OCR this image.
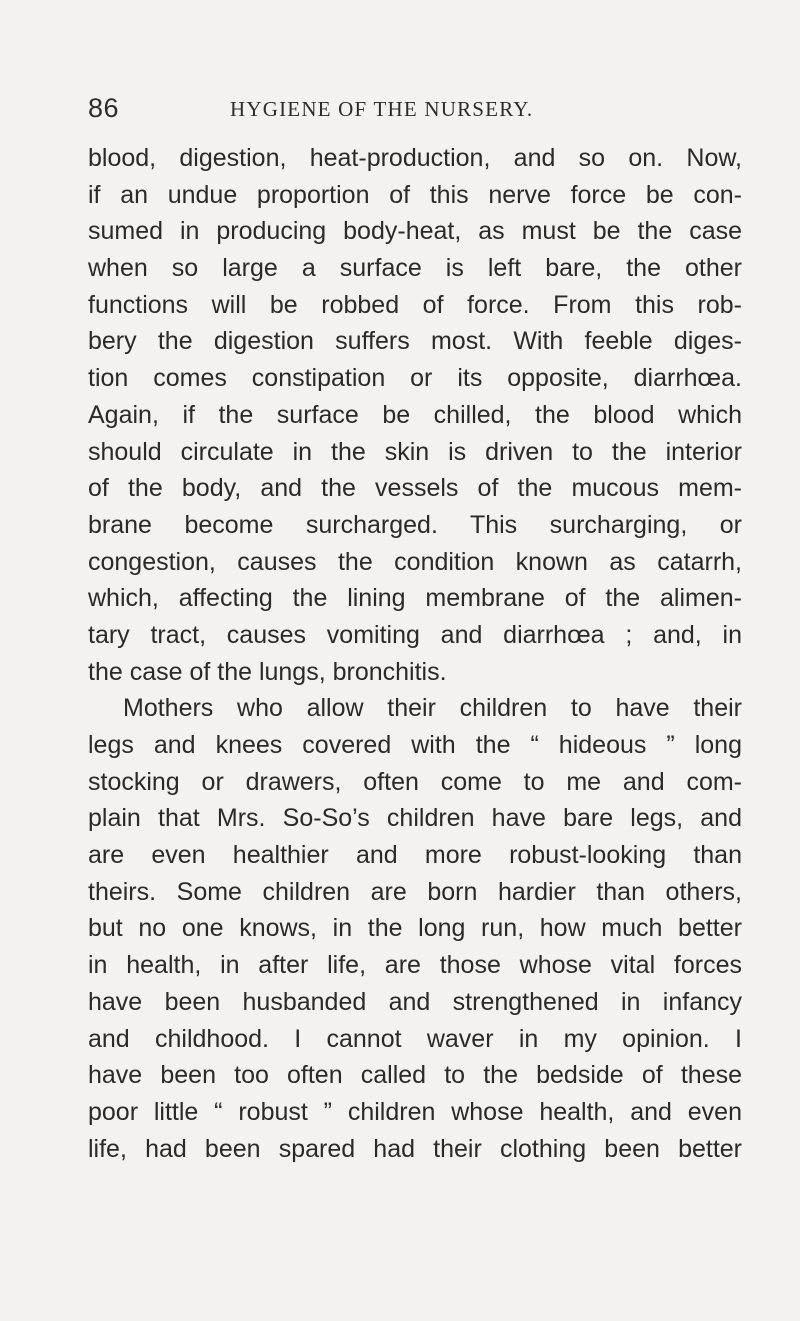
86	HYGIENE OF THE NURSERY.
blood, digestion, heat-production, and so on. Now,
if an undue proportion of this nerve force be con-
sumed in producing body-heat, as must be the case
when so large a surface is left bare, the other
functions will be robbed of force. From this rob-
bery the digestion suffers most. With feeble diges-
tion comes constipation or its opposite, diarrhœa.
Again, if the surface be chilled, the blood which
should circulate in the skin is driven to the interior
of the body, and the vessels of the mucous mem-
brane become surcharged. This surcharging, or
congestion, causes the condition known as catarrh,
which, affecting the lining membrane of the alimen-
tary tract, causes vomiting and diarrhœa ; and, in
the case of the lungs, bronchitis.
Mothers who allow their children to have their
legs and knees covered with the “ hideous ” long
stocking or drawers, often come to me and com-
plain that Mrs. So-So’s children have bare legs, and
are even healthier and more robust-looking than
theirs. Some children are born hardier than others,
but no one knows, in the long run, how much better
in health, in after life, are those whose vital forces
have been husbanded and strengthened in infancy
and childhood. I cannot waver in my opinion. I
have been too often called to the bedside of these
poor little “ robust ” children whose health, and even
life, had been spared had their clothing been better
